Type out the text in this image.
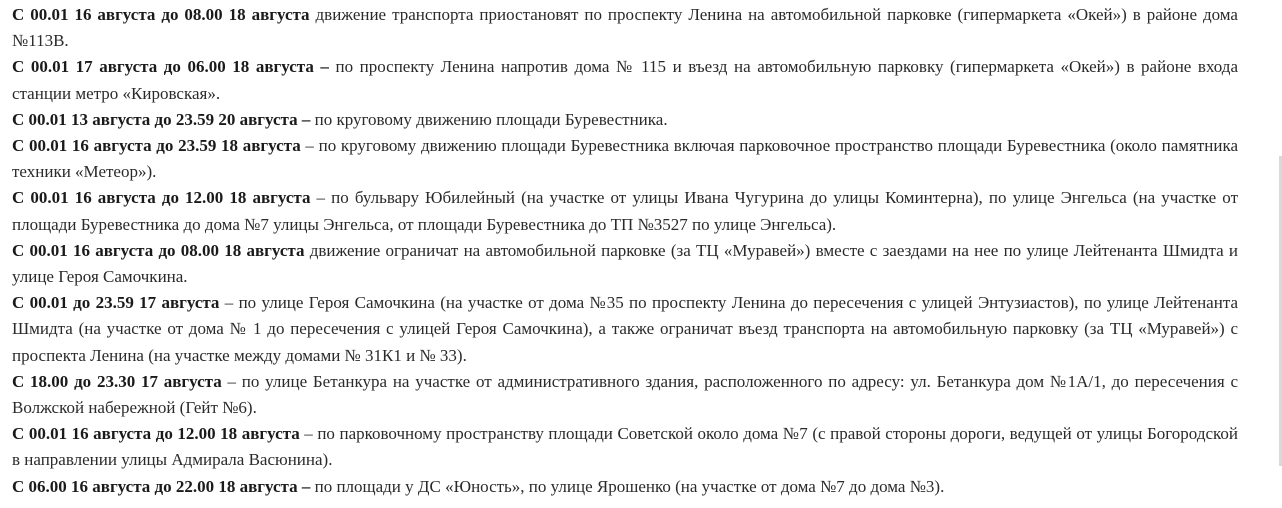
С 00.01 16 августа до 08.00 18 августа движение транспорта приостановят по проспекту Ленина на автомобильной парковке (гипермаркета «Окей») в районе дома №113В.

С 00.01 17 августа до 06.00 18 августа – по проспекту Ленина напротив дома № 115 и въезд на автомобильную парковку (гипермаркета «Окей») в районе входа станции метро «Кировская».

С 00.01 13 августа до 23.59 20 августа – по круговому движению площади Буревестника.

С 00.01 16 августа до 23.59 18 августа – по круговому движению площади Буревестника включая парковочное пространство площади Буревестника (около памятника техники «Метеор»).

С 00.01 16 августа до 12.00 18 августа – по бульвару Юбилейный (на участке от улицы Ивана Чугурина до улицы Коминтерна), по улице Энгельса (на участке от площади Буревестника до дома №7 улицы Энгельса, от площади Буревестника до ТП №3527 по улице Энгельса).

С 00.01 16 августа до 08.00 18 августа движение ограничат на автомобильной парковке (за ТЦ «Муравей») вместе с заездами на нее по улице Лейтенанта Шмидта и улице Героя Самочкина.

С 00.01 до 23.59 17 августа – по улице Героя Самочкина (на участке от дома №35 по проспекту Ленина до пересечения с улицей Энтузиастов), по улице Лейтенанта Шмидта (на участке от дома № 1 до пересечения с улицей Героя Самочкина), а также ограничат въезд транспорта на автомобильную парковку (за ТЦ «Муравей») с проспекта Ленина (на участке между домами № 31К1 и № 33).

С 18.00 до 23.30 17 августа – по улице Бетанкура на участке от административного здания, расположенного по адресу: ул. Бетанкура дом №1А/1, до пересечения с Волжской набережной (Гейт №6).

С 00.01 16 августа до 12.00 18 августа – по парковочному пространству площади Советской около дома №7 (с правой стороны дороги, ведущей от улицы Богородской в направлении улицы Адмирала Васюнина).

С 06.00 16 августа до 22.00 18 августа – по площади у ДС «Юность», по улице Ярошенко (на участке от дома №7 до дома №3).
